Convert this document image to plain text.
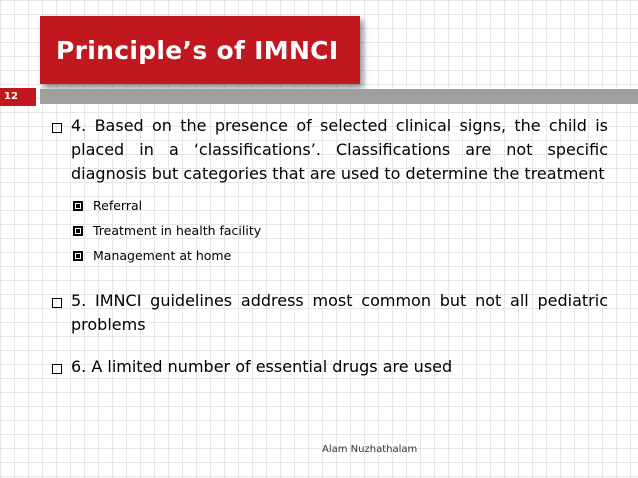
Principle’s of IMNCI
12
4. Based on the presence of selected clinical signs, the child is placed in a ‘classifications’. Classifications are not specific diagnosis but categories that are used to determine the treatment
Referral
Treatment in health facility
Management at home
5. IMNCI guidelines address most common but not all pediatric problems
6. A limited number of essential drugs are used
Alam Nuzhathalam
